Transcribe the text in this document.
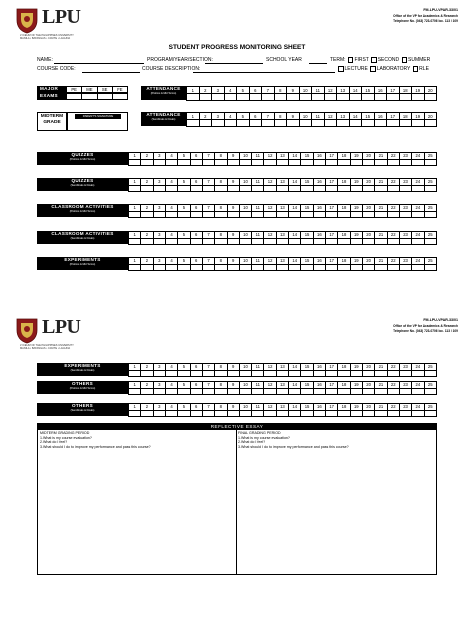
LPU
LYCEUM OF THE PHILIPPINES UNIVERSITY
MANILA • BATANGAS • CAVITE • LAGUNA
FM-LPU-VPAR-33/01
Office of the VP for Academics & Research
Telephone No. (043) 723-0706 loc. 113 / 109
STUDENT PROGRESS MONITORING SHEET
NAME:	PROGRAM/YEAR/SECTION:	SCHOOL YEAR	TERM: FIRST SECOND SUMMER
COURSE CODE:	COURSE DESCRIPTION:	LECTURE LABORATORY RLE
MAJOR EXAMS
PE	ME	SE	FE
				ATTENDANCE
(Prelims & Mid Terms)
1	2	3	4	5	6	7	8	9	10	11	12	13	14	15	16	17	18	19	20

MIDTERM GRADE
PARENT'S SIGNATURE	ATTENDANCE
(Semifinals & Finals)
1	2	3	4	5	6	7	8	9	10	11	12	13	14	15	16	17	18	19	20

QUIZZES
(Prelims & Mid Terms)
1	2	3	4	5	6	7	8	9	10	11	12	13	14	15	16	17	18	19	20	21	22	23	24	25

QUIZZES
(Semifinals & Finals)
1	2	3	4	5	6	7	8	9	10	11	12	13	14	15	16	17	18	19	20	21	22	23	24	25

CLASSROOM ACTIVITIES
(Prelims & Mid Terms)
1	2	3	4	5	6	7	8	9	10	11	12	13	14	15	16	17	18	19	20	21	22	23	24	25

CLASSROOM ACTIVITIES
(Semifinals & Finals)
1	2	3	4	5	6	7	8	9	10	11	12	13	14	15	16	17	18	19	20	21	22	23	24	25

EXPERIMENTS
(Prelims & Mid Terms)
1	2	3	4	5	6	7	8	9	10	11	12	13	14	15	16	17	18	19	20	21	22	23	24	25

LPU
LYCEUM OF THE PHILIPPINES UNIVERSITY
MANILA • BATANGAS • CAVITE • LAGUNA
FM-LPU-VPAR-33/01
Office of the VP for Academics & Research
Telephone No. (043) 723-0706 loc. 113 / 109
EXPERIMENTS
(Semifinals & Finals)
1	2	3	4	5	6	7	8	9	10	11	12	13	14	15	16	17	18	19	20	21	22	23	24	25

OTHERS
(Prelims & Mid Terms)
1	2	3	4	5	6	7	8	9	10	11	12	13	14	15	16	17	18	19	20	21	22	23	24	25

OTHERS
(Semifinals & Finals)
1	2	3	4	5	6	7	8	9	10	11	12	13	14	15	16	17	18	19	20	21	22	23	24	25

REFLECTIVE ESSAY
MIDTERM GRADING PERIOD
1.What is my course evaluation?
2.What do I feel?
3.What should I do to improve my performance and pass this course?
FINAL GRADING PERIOD
1.What is my course evaluation?
2.What do I feel?
3.What should I do to improve my performance and pass this course?
